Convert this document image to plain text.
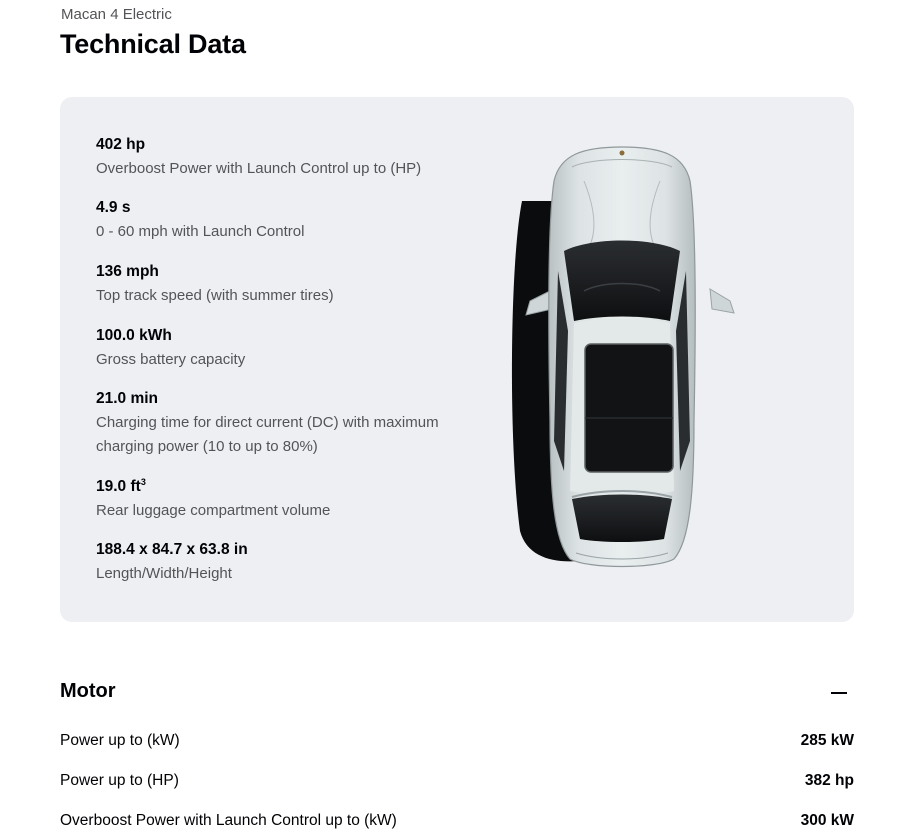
Macan 4 Electric
Technical Data
402 hp
Overboost Power with Launch Control up to (HP)
4.9 s
0 - 60 mph with Launch Control
136 mph
Top track speed (with summer tires)
100.0 kWh
Gross battery capacity
21.0 min
Charging time for direct current (DC) with maximum charging power (10 to up to 80%)
19.0 $ft^3$
Rear luggage compartment volume
188.4 x 84.7 x 63.8 in
Length/Width/Height
Motor
Power up to (kW)	285 kW
Power up to (HP)	382 hp
Overboost Power with Launch Control up to (kW)	300 kW
